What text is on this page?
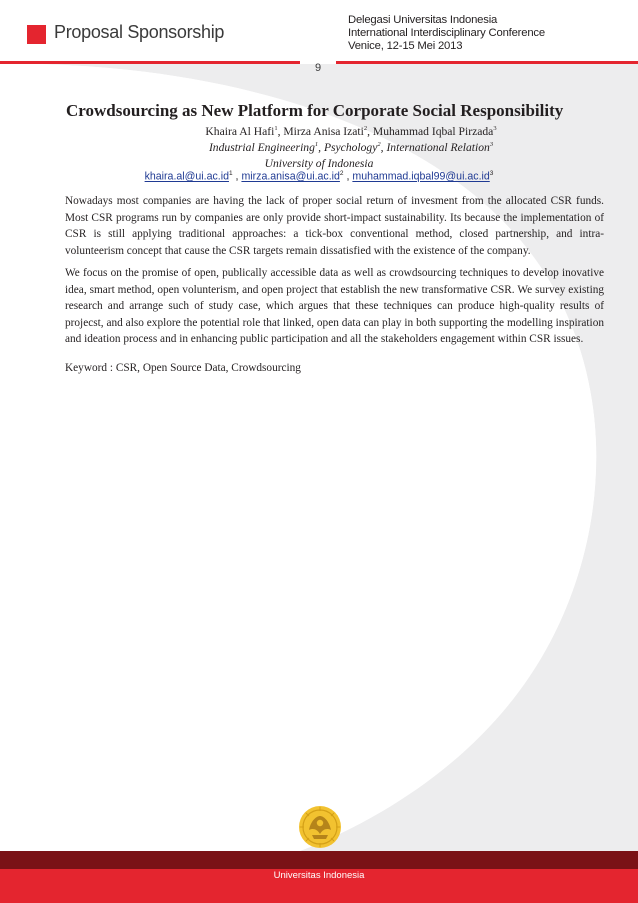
Proposal Sponsorship
Delegasi Universitas Indonesia
International Interdisciplinary Conference
Venice, 12-15 Mei 2013
9
Crowdsourcing as New Platform for Corporate Social Responsibility
Khaira Al Hafi$^1$, Mirza Anisa Izati$^2$, Muhammad Iqbal Pirzada$^3$
Industrial Engineering$^1$, Psychology$^2$, International Relation$^3$
University of Indonesia
$khaira.al@ui.ac.id^1$ , $mirza.anisa@ui.ac.id^2$ , $muhammad.iqbal99@ui.ac.id^3$
Nowadays most companies are having the lack of proper social return of invesment from the allocated CSR funds. Most CSR programs run by companies are only provide short-impact sustainability. Its because the implementation of CSR is still applying traditional approaches: a tick-box conventional method, closed partnership, and intra-volunteerism concept that cause the CSR targets remain dissatisfied with the existence of the company.
We focus on the promise of open, publically accessible data as well as crowdsourcing techniques to develop inovative idea, smart method, open volunterism, and open project that establish the new transformative CSR. We survey existing research and arrange such of study case, which argues that these techniques can produce high-quality results of projecst, and also explore the potential role that linked, open data can play in both supporting the modelling inspiration and ideation process and in enhancing public participation and all the stakeholders engagement within CSR issues.
Keyword : CSR, Open Source Data, Crowdsourcing
Universitas Indonesia
